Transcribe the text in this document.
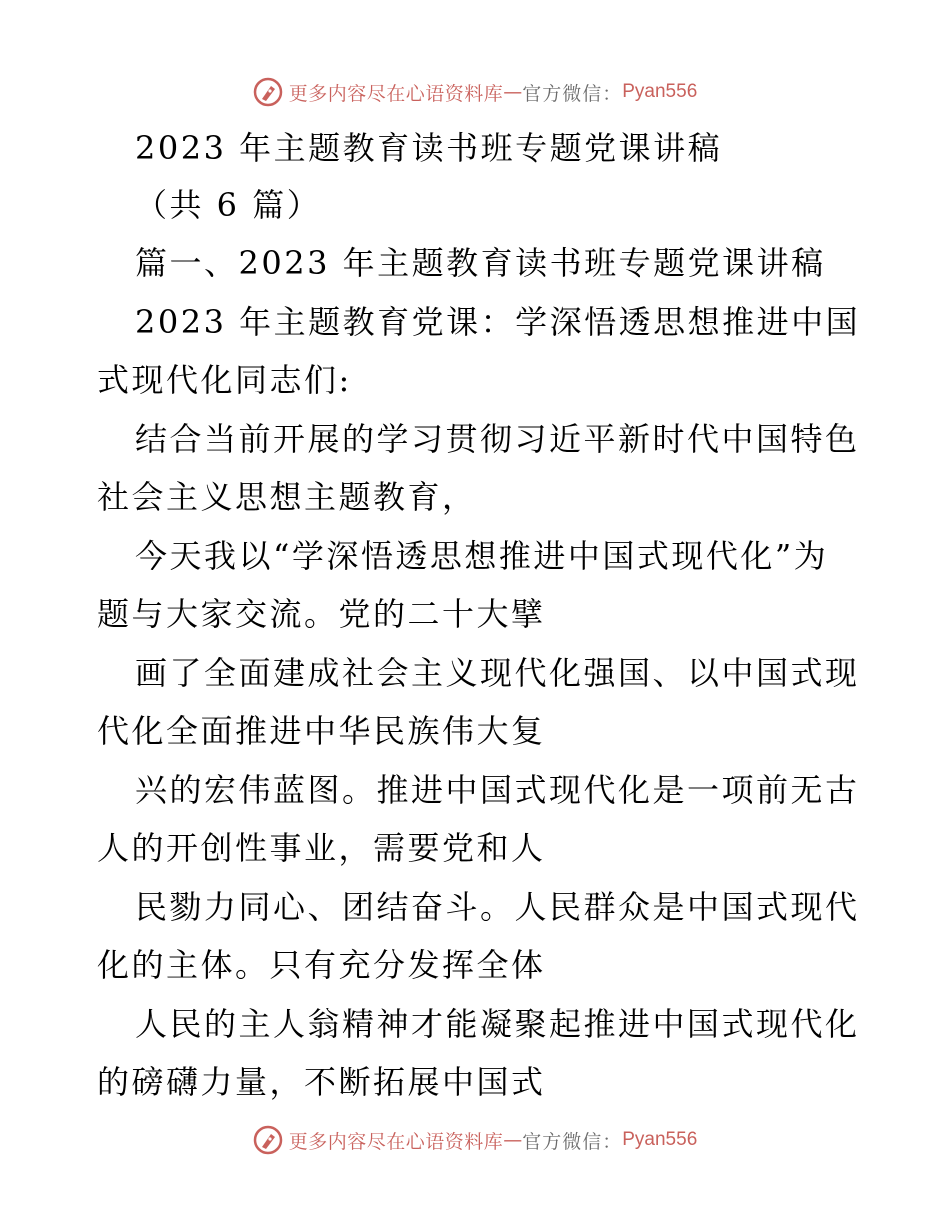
更多内容尽在心语资料库 — 官方微信： Pyan556
2023 年主题教育读书班专题党课讲稿
（共 6 篇）
篇一、2023 年主题教育读书班专题党课讲稿
2023 年主题教育党课：学深悟透思想推进中国
式现代化同志们:
结合当前开展的学习贯彻习近平新时代中国特色
社会主义思想主题教育，
今天我以“学深悟透思想推进中国式现代化”为
题与大家交流。党的二十大擘
画了全面建成社会主义现代化强国、以中国式现
代化全面推进中华民族伟大复
兴的宏伟蓝图。推进中国式现代化是一项前无古
人的开创性事业，需要党和人
民勠力同心、团结奋斗。人民群众是中国式现代
化的主体。只有充分发挥全体
人民的主人翁精神才能凝聚起推进中国式现代化
的磅礴力量，不断拓展中国式
更多内容尽在心语资料库 — 官方微信： Pyan556
